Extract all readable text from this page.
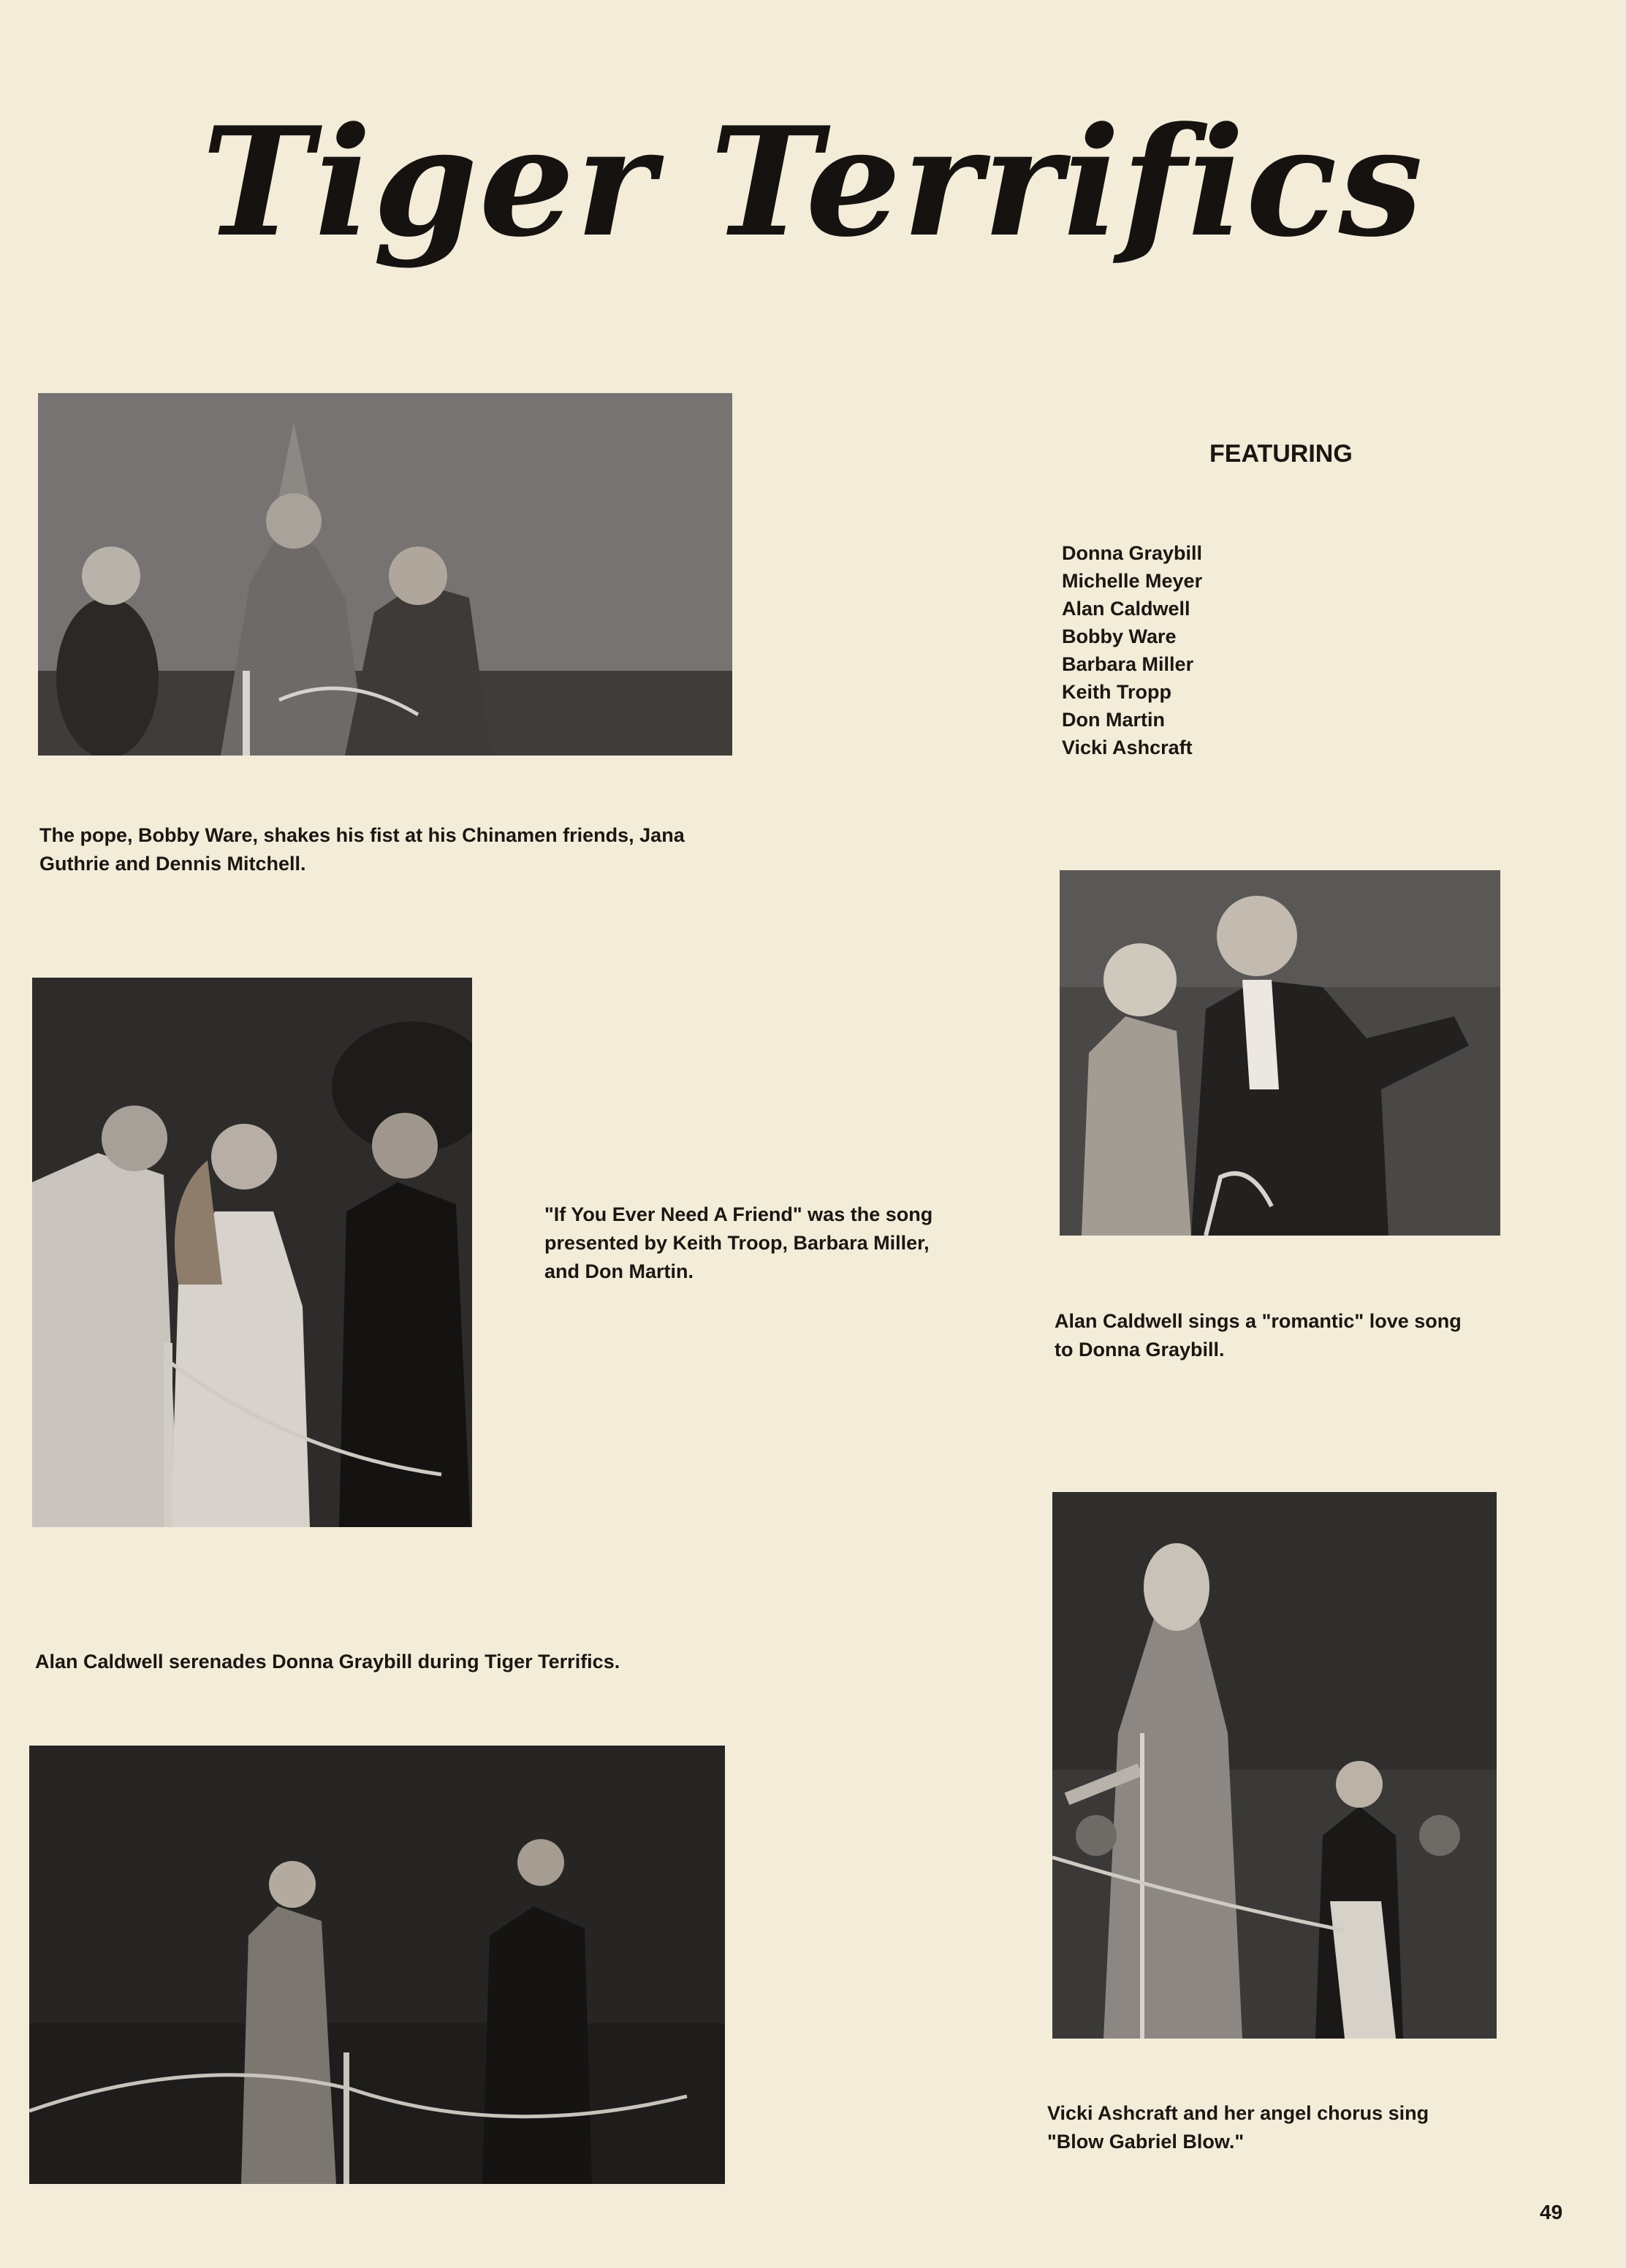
Tiger Terrifics
The pope, Bobby Ware, shakes his fist at his Chinamen friends, Jana
Guthrie and Dennis Mitchell.
FEATURING
Donna Graybill
Michelle Meyer
Alan Caldwell
Bobby Ware
Barbara Miller
Keith Tropp
Don Martin
Vicki Ashcraft
"If You Ever Need A Friend" was the song
presented by Keith Troop, Barbara Miller,
and Don Martin.
Alan Caldwell sings a "romantic" love song
to Donna Graybill.
Vicki Ashcraft and her angel chorus sing
"Blow Gabriel Blow."
Alan Caldwell serenades Donna Graybill during Tiger Terrifics.
49
